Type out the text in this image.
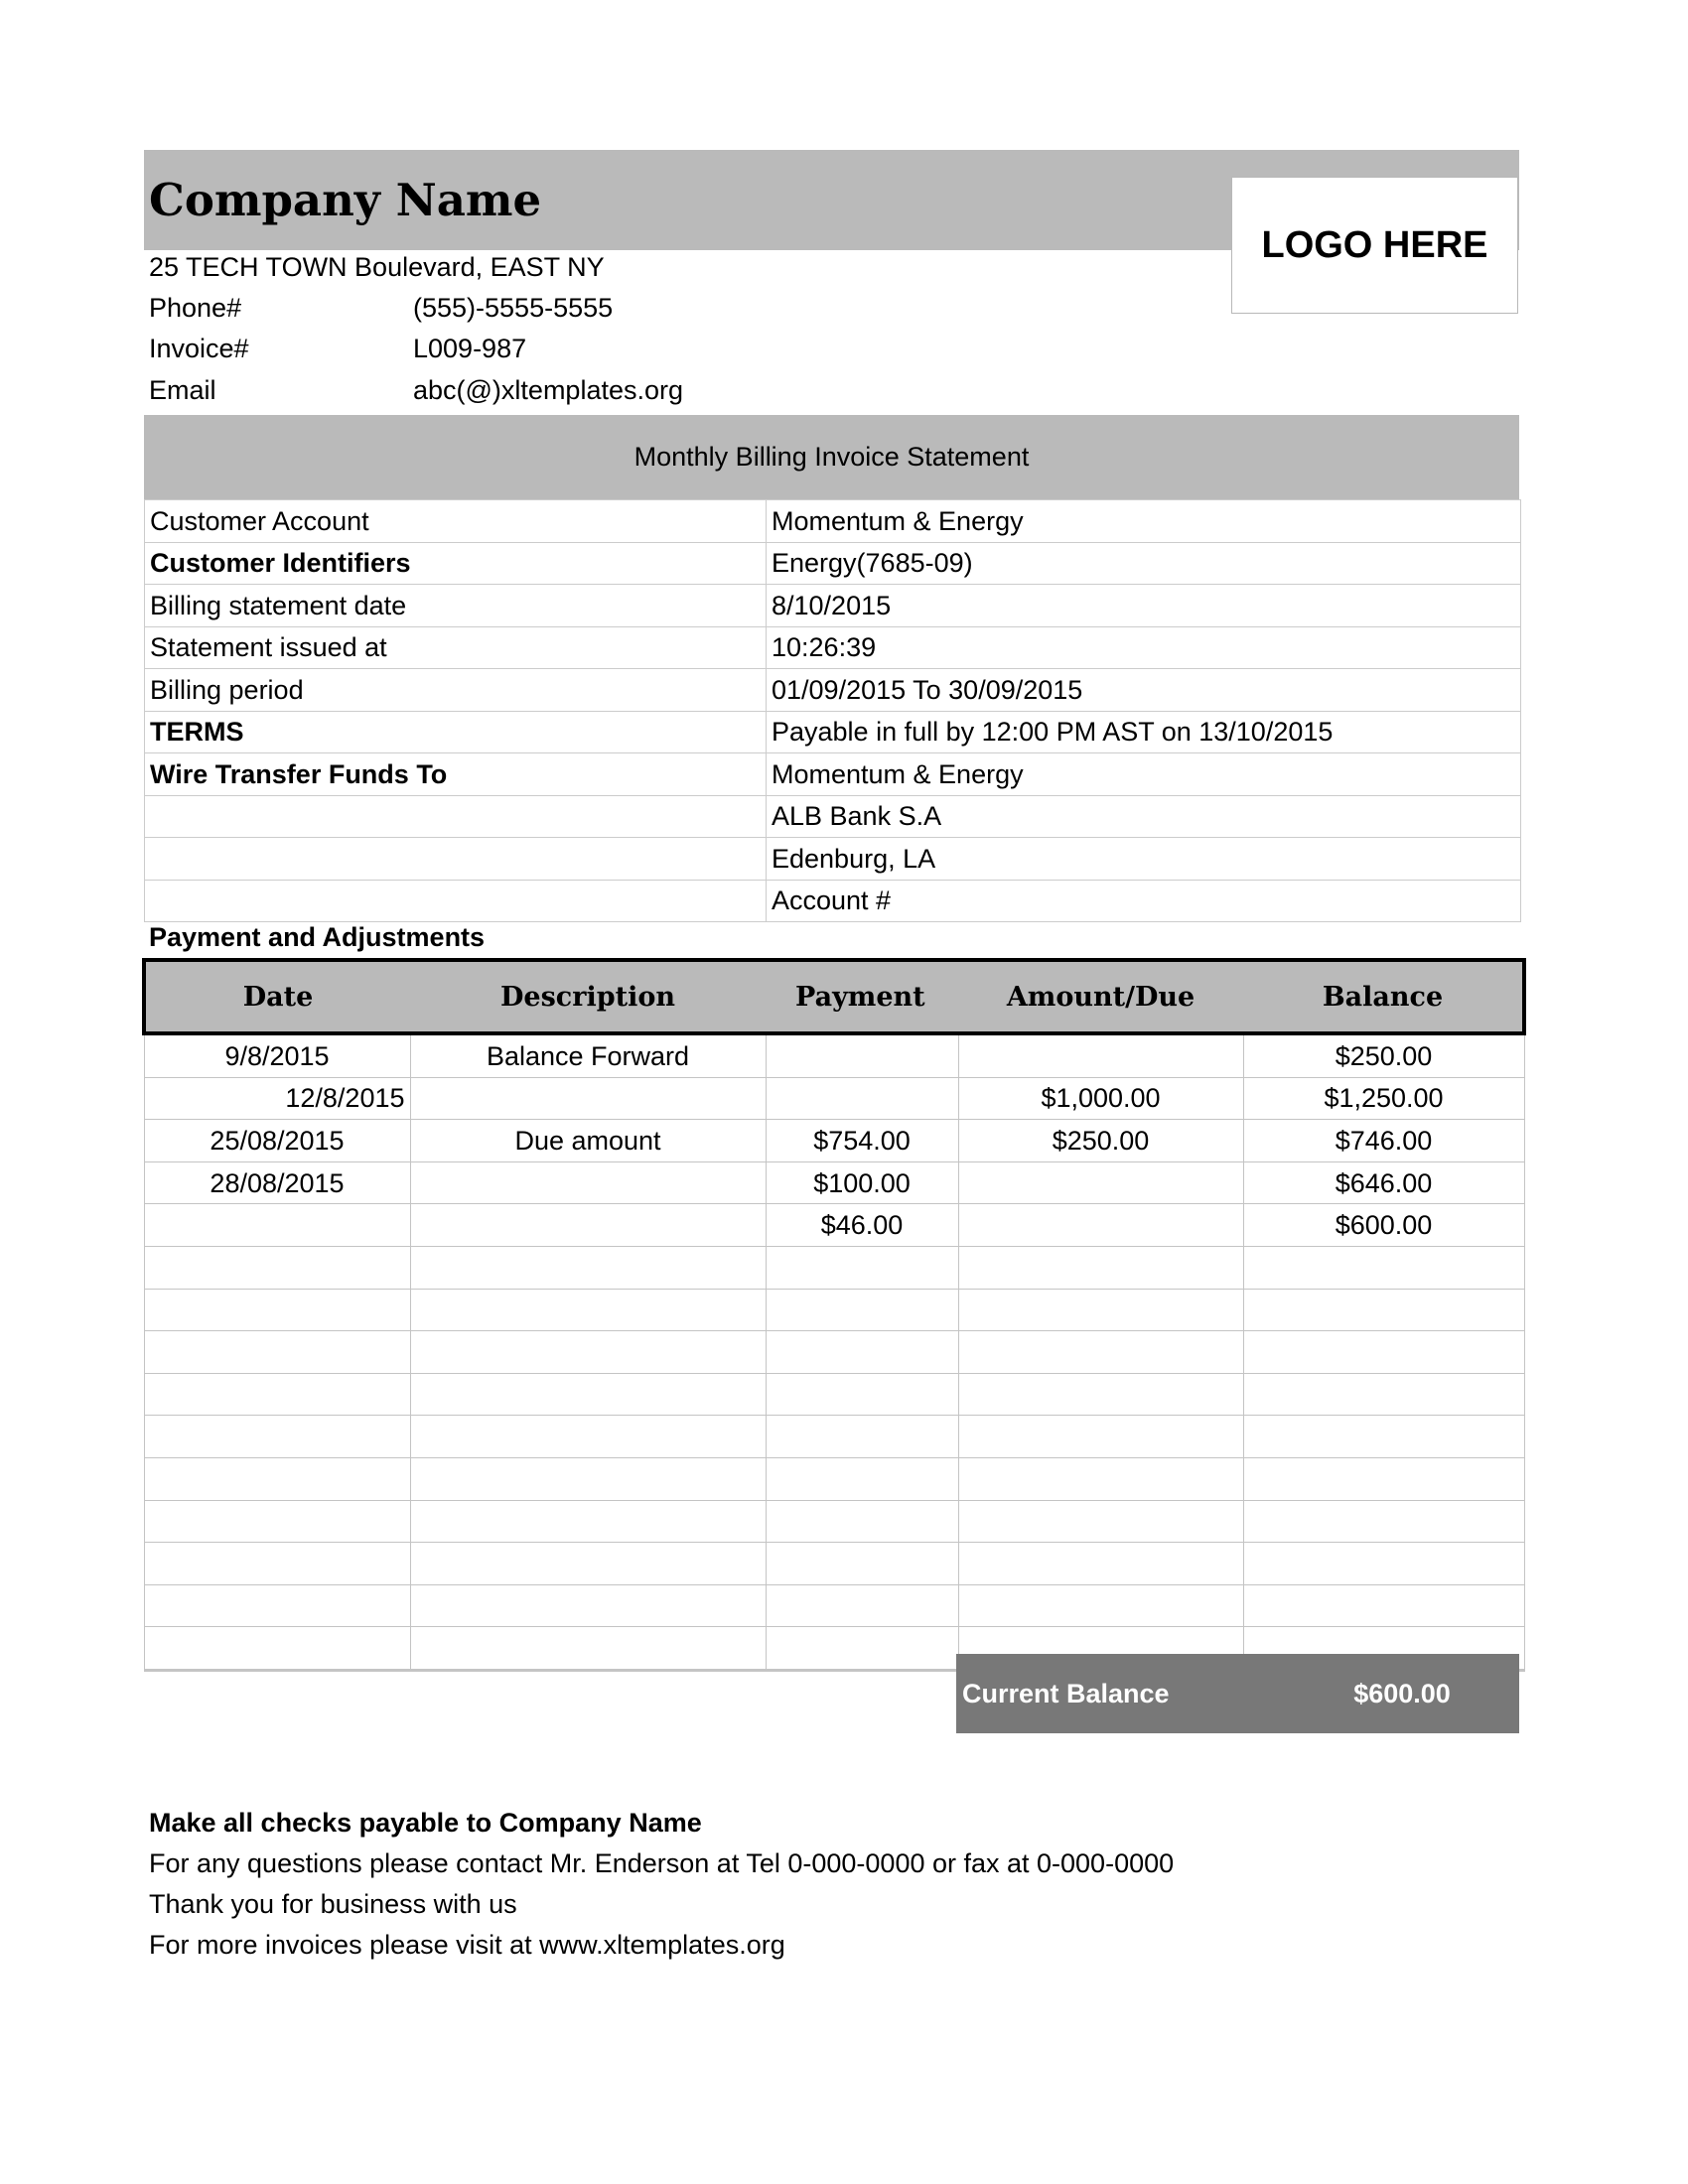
Company Name
LOGO HERE
25 TECH TOWN Boulevard, EAST NY
Phone#	(555)-5555-5555
Invoice#	L009-987
Email	abc(@)xltemplates.org
Monthly Billing Invoice Statement
Customer Account	Momentum & Energy
Customer Identifiers	Energy(7685-09)
Billing statement date	8/10/2015
Statement issued at	10:26:39
Billing period	01/09/2015 To 30/09/2015
TERMS	Payable in full by 12:00 PM AST on 13/10/2015
Wire Transfer Funds To	Momentum & Energy
	ALB Bank S.A
	Edenburg, LA
	Account #
Payment and Adjustments
Date	Description	Payment	Amount/Due	Balance
9/8/2015	Balance Forward			$250.00
12/8/2015			$1,000.00	$1,250.00
25/08/2015	Due amount	$754.00	$250.00	$746.00
28/08/2015		$100.00		$646.00
		$46.00		$600.00

Current Balance	$600.00
Make all checks payable to Company Name
For any questions please contact Mr. Enderson at Tel 0-000-0000 or fax at 0-000-0000
Thank you for business with us
For more invoices please visit at www.xltemplates.org
